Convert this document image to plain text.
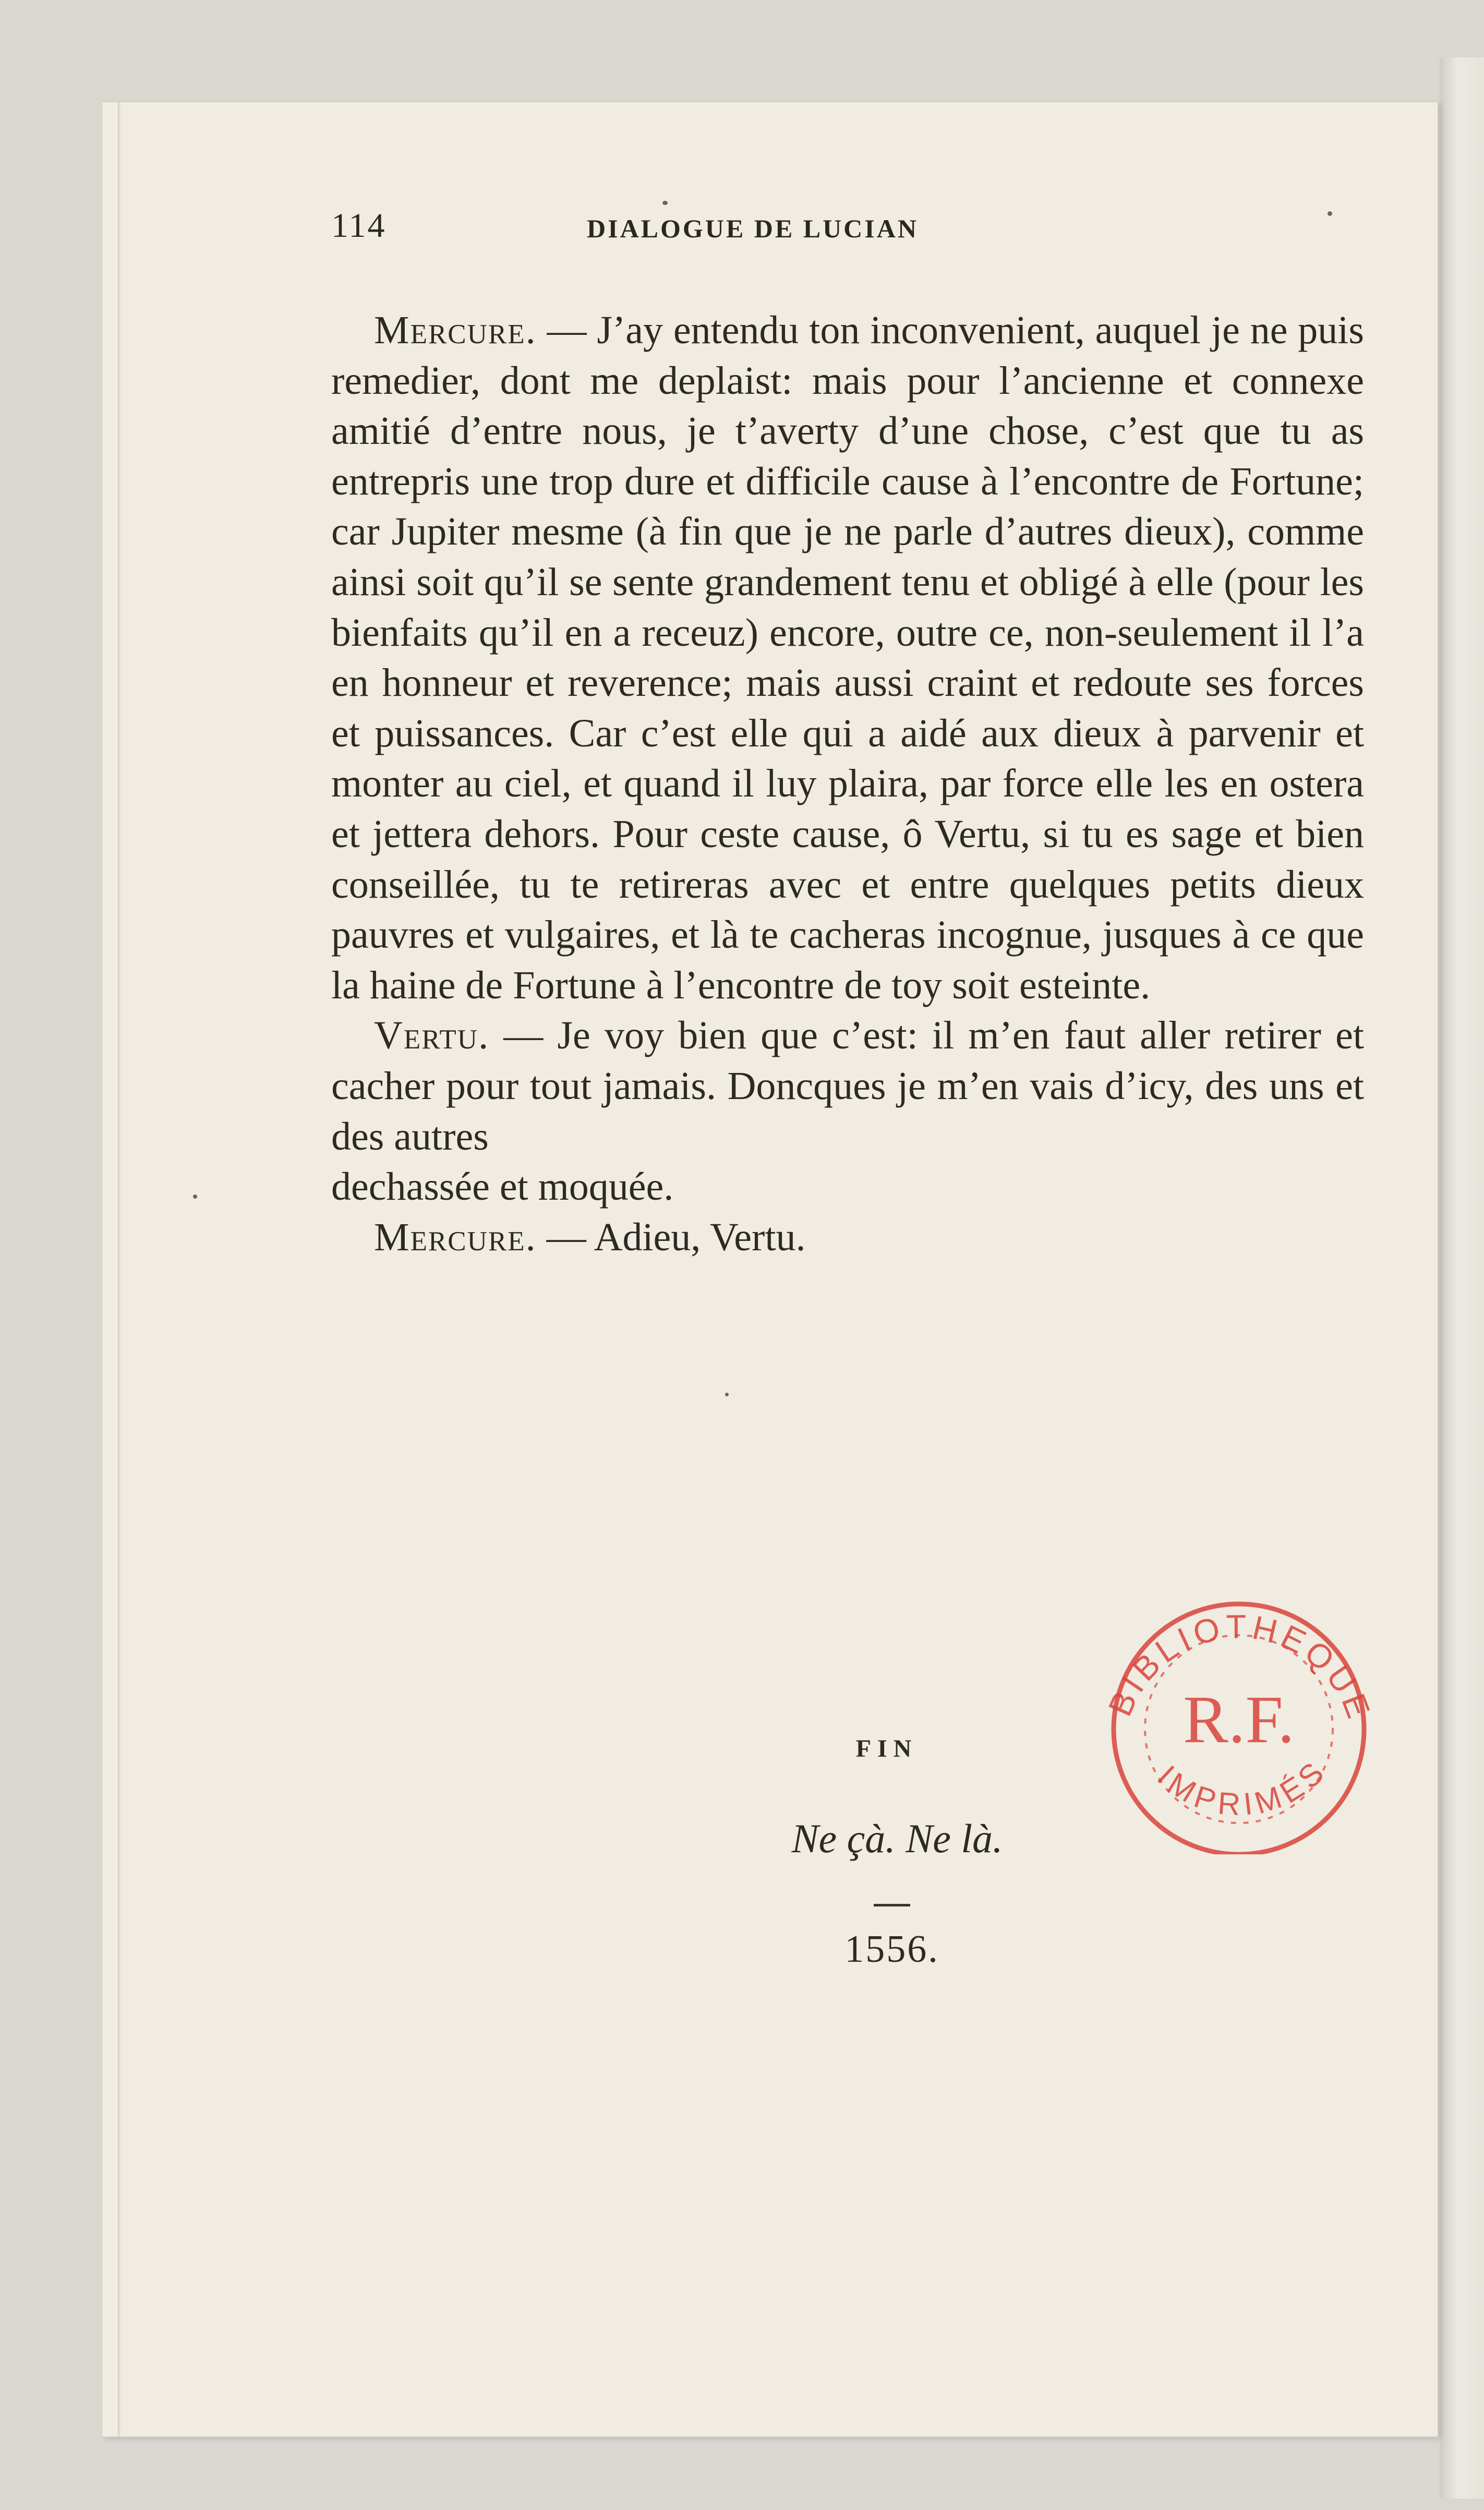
114	DIALOGUE DE LUCIAN

Mercure. — J’ay entendu ton inconvenient, auquel je ne puis remedier, dont me deplaist: mais pour l’ancienne et connexe amitié d’entre nous, je t’averty d’une chose, c’est que tu as entrepris une trop dure et difficile cause à l’encontre de Fortune; car Jupiter mesme (à fin que je ne parle d’autres dieux), comme ainsi soit qu’il se sente grandement tenu et obligé à elle (pour les bienfaits qu’il en a receuz) encore, outre ce, non-seulement il l’a en honneur et reverence; mais aussi craint et redoute ses forces et puissances. Car c’est elle qui a aidé aux dieux à parvenir et monter au ciel, et quand il luy plaira, par force elle les en ostera et jettera dehors. Pour ceste cause, ô Vertu, si tu es sage et bien conseillée, tu te retireras avec et entre quelques petits dieux pauvres et vulgaires, et là te cacheras incognue, jusques à ce que la haine de Fortune à l’encontre de toy soit esteinte.

Vertu. — Je voy bien que c’est: il m’en faut aller retirer et cacher pour tout jamais. Doncques je m’en vais d’icy, des uns et des autres

dechassée et moquée.

Mercure. — Adieu, Vertu.

FIN
Ne çà. Ne là.
1556.
BIBLIOTHEQUE
IMPRIMÉS
R.F.
